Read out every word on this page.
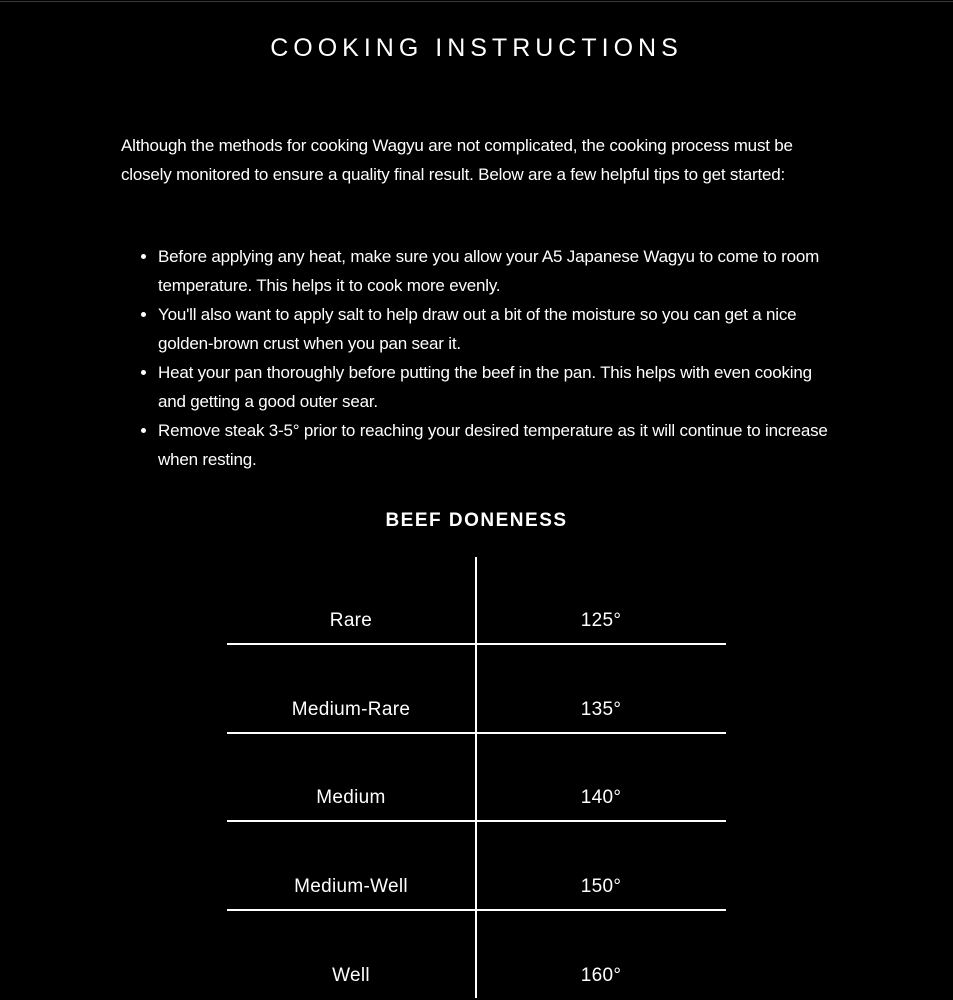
COOKING INSTRUCTIONS

Although the methods for cooking Wagyu are not complicated, the cooking process must be closely monitored to ensure a quality final result. Below are a few helpful tips to get started:

• Before applying any heat, make sure you allow your A5 Japanese Wagyu to come to room temperature. This helps it to cook more evenly.
• You'll also want to apply salt to help draw out a bit of the moisture so you can get a nice golden-brown crust when you pan sear it.
• Heat your pan thoroughly before putting the beef in the pan. This helps with even cooking and getting a good outer sear.
• Remove steak 3-5° prior to reaching your desired temperature as it will continue to increase when resting.
BEEF DONENESS
Rare	125°
Medium-Rare	135°
Medium	140°
Medium-Well	150°
Well	160°
